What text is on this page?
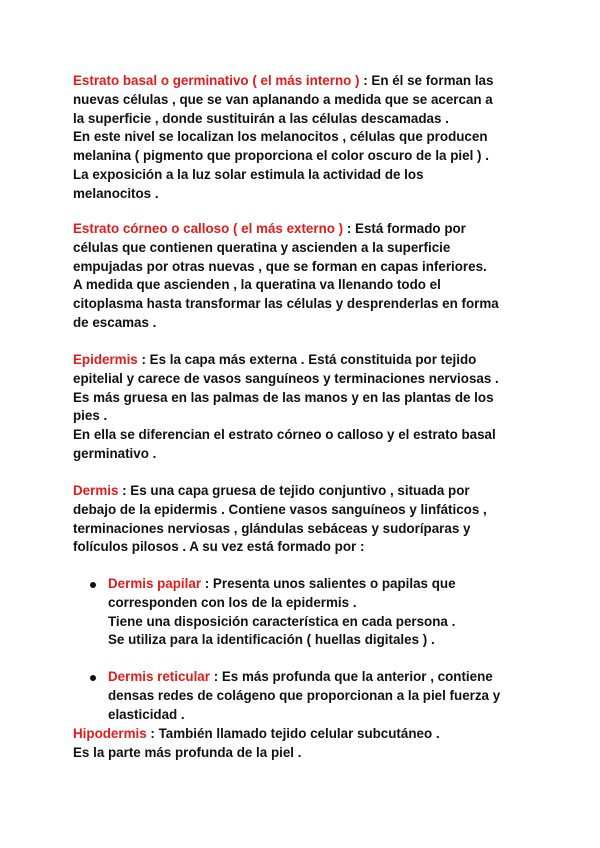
Estrato basal o germinativo ( el más interno ) : En él se forman las
nuevas células , que se van aplanando a medida que se acercan a
la superficie , donde sustituirán a las células descamadas .
En este nivel se localizan los melanocitos , células que producen
melanina ( pigmento que proporciona el color oscuro de la piel ) .
La exposición a la luz solar estimula la actividad de los
melanocitos .
Estrato córneo o calloso ( el más externo ) : Está formado por
células que contienen queratina y ascienden a la superficie
empujadas por otras nuevas , que se forman en capas inferiores.
A medida que ascienden , la queratina va llenando todo el
citoplasma hasta transformar las células y desprenderlas en forma
de escamas .
Epidermis : Es la capa más externa . Está constituida por tejido
epitelial y carece de vasos sanguíneos y terminaciones nerviosas .
Es más gruesa en las palmas de las manos y en las plantas de los
pies .
En ella se diferencian el estrato córneo o calloso y el estrato basal
germinativo .
Dermis : Es una capa gruesa de tejido conjuntivo , situada por
debajo de la epidermis . Contiene vasos sanguíneos y linfáticos ,
terminaciones nerviosas , glándulas sebáceas y sudoríparas y
folículos pilosos . A su vez está formado por :
Dermis papilar : Presenta unos salientes o papilas que
corresponden con los de la epidermis .
Tiene una disposición característica en cada persona .
Se utiliza para la identificación ( huellas digitales ) .
Dermis reticular : Es más profunda que la anterior , contiene
densas redes de colágeno que proporcionan a la piel fuerza y
elasticidad .
Hipodermis : También llamado tejido celular subcutáneo .
Es la parte más profunda de la piel .
